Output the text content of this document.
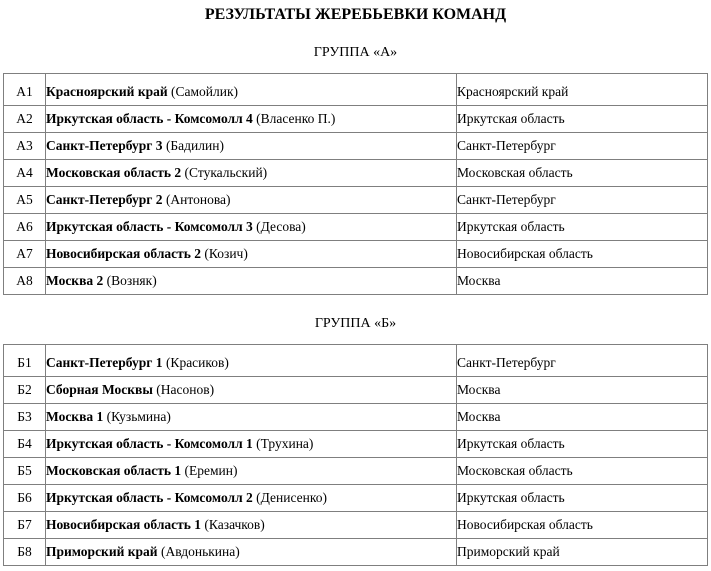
РЕЗУЛЬТАТЫ ЖЕРЕБЬЕВКИ КОМАНД
ГРУППА «А»
А1	Красноярский край (Самойлик)	Красноярский край
А2	Иркутская область - Комсомолл 4 (Власенко П.)	Иркутская область
А3	Санкт-Петербург 3 (Бадилин)	Санкт-Петербург
А4	Московская область 2 (Стукальский)	Московская область
А5	Санкт-Петербург 2 (Антонова)	Санкт-Петербург
А6	Иркутская область - Комсомолл 3 (Десова)	Иркутская область
А7	Новосибирская область 2 (Козич)	Новосибирская область
А8	Москва 2 (Возняк)	Москва
ГРУППА «Б»
Б1	Санкт-Петербург 1 (Красиков)	Санкт-Петербург
Б2	Сборная Москвы (Насонов)	Москва
Б3	Москва 1 (Кузьмина)	Москва
Б4	Иркутская область - Комсомолл 1 (Трухина)	Иркутская область
Б5	Московская область 1 (Еремин)	Московская область
Б6	Иркутская область - Комсомолл 2 (Денисенко)	Иркутская область
Б7	Новосибирская область 1 (Казачков)	Новосибирская область
Б8	Приморский край (Авдонькина)	Приморский край
